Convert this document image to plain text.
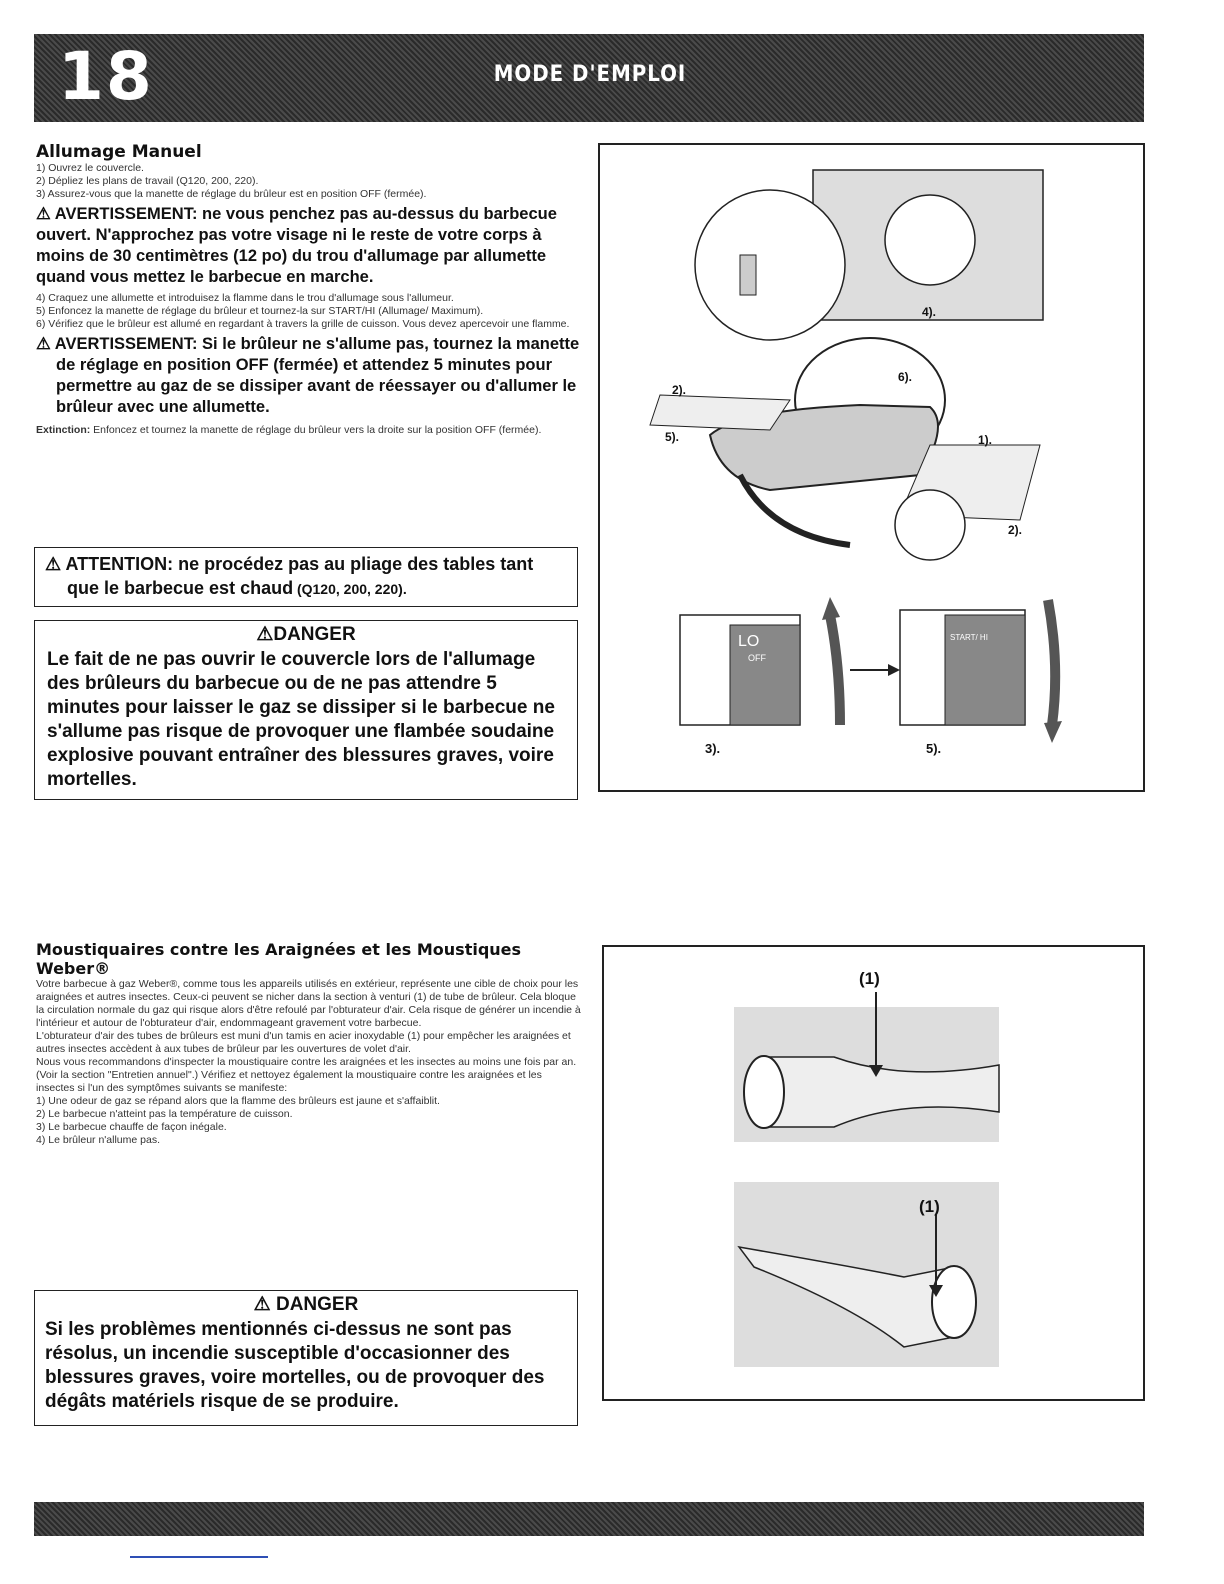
18	MODE D'EMPLOI

Allumage Manuel

1) Ouvrez le couvercle.

2) Dépliez les plans de travail (Q120, 200, 220).

3) Assurez-vous que la manette de réglage du brûleur est en position OFF (fermée).

⚠ AVERTISSEMENT: ne vous penchez pas au-dessus du barbecue ouvert. N'approchez pas votre visage ni le reste de votre corps à moins de 30 centimètres (12 po) du trou d'allumage par allumette quand vous mettez le barbecue en marche.

4) Craquez une allumette et introduisez la flamme dans le trou d'allumage sous l'allumeur.

5) Enfoncez la manette de réglage du brûleur et tournez-la sur START/HI (Allumage/ Maximum).

6) Vérifiez que le brûleur est allumé en regardant à travers la grille de cuisson. Vous devez apercevoir une flamme.

⚠ AVERTISSEMENT: Si le brûleur ne s'allume pas, tournez la manette de réglage en position OFF (fermée) et attendez 5 minutes pour permettre au gaz de se dissiper avant de réessayer ou d'allumer le brûleur avec une allumette.

Extinction: Enfoncez et tournez la manette de réglage du brûleur vers la droite sur la position OFF (fermée).

⚠ ATTENTION: ne procédez pas au pliage des tables tant que le barbecue est chaud (Q120, 200, 220).
⚠DANGER
Le fait de ne pas ouvrir le couvercle lors de l'allumage des brûleurs du barbecue ou de ne pas attendre 5 minutes pour laisser le gaz se dissiper si le barbecue ne s'allume pas risque de provoquer une flambée soudaine explosive pouvant entraîner des blessures graves, voire mortelles.
4).
2).
6).
5).	1).
2).
3).	5).
LO
OFF
START/ HI

Moustiquaires contre les Araignées et les Moustiques Weber®

Votre barbecue à gaz Weber®, comme tous les appareils utilisés en extérieur, représente une cible de choix pour les araignées et autres insectes. Ceux-ci peuvent se nicher dans la section à venturi (1) de tube de brûleur. Cela bloque la circulation normale du gaz qui risque alors d'être refoulé par l'obturateur d'air. Cela risque de générer un incendie à l'intérieur et autour de l'obturateur d'air, endommageant gravement votre barbecue.

L'obturateur d'air des tubes de brûleurs est muni d'un tamis en acier inoxydable (1) pour empêcher les araignées et autres insectes accèdent à aux tubes de brûleur par les ouvertures de volet d'air.

Nous vous recommandons d'inspecter la moustiquaire contre les araignées et les insectes au moins une fois par an. (Voir la section "Entretien annuel".) Vérifiez et nettoyez également la moustiquaire contre les araignées et les insectes si l'un des symptômes suivants se manifeste:

1) Une odeur de gaz se répand alors que la flamme des brûleurs est jaune et s'affaiblit.

2) Le barbecue n'atteint pas la température de cuisson.

3) Le barbecue chauffe de façon inégale.

4) Le brûleur n'allume pas.

⚠ DANGER
Si les problèmes mentionnés ci-dessus ne sont pas résolus, un incendie susceptible d'occasionner des blessures graves, voire mortelles, ou de provoquer des dégâts matériels risque de se produire.
(1)
(1)
